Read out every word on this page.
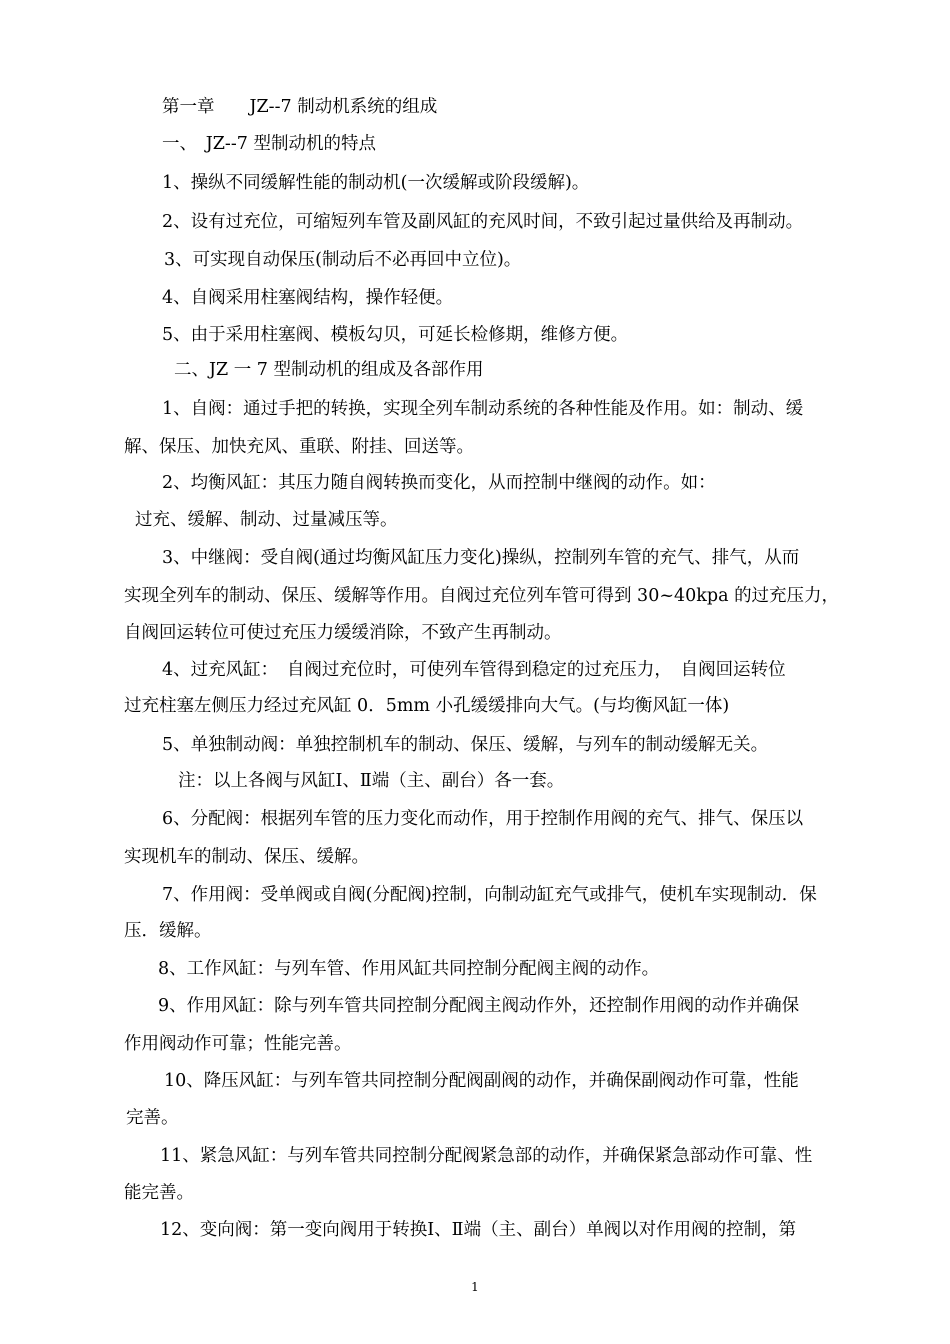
第一章　　JZ--7 制动机系统的组成
一、　JZ--7 型制动机的特点
1、操纵不同缓解性能的制动机(一次缓解或阶段缓解)。
2、设有过充位，可缩短列车管及副风缸的充风时间，不致引起过量供给及再制动。
3、可实现自动保压(制动后不必再回中立位)。
4、自阀采用柱塞阀结构，操作轻便。
5、由于采用柱塞阀、模板勾贝，可延长检修期，维修方便。
二、JZ 一 7 型制动机的组成及各部作用
1、自阀：通过手把的转换，实现全列车制动系统的各种性能及作用。如：制动、缓
解、保压、加快充风、重联、附挂、回送等。
2、均衡风缸：其压力随自阀转换而变化，从而控制中继阀的动作。如：
过充、缓解、制动、过量减压等。
3、中继阀：受自阀(通过均衡风缸压力变化)操纵，控制列车管的充气、排气，从而
实现全列车的制动、保压、缓解等作用。自阀过充位列车管可得到 30~40kpa 的过充压力，
自阀回运转位可使过充压力缓缓消除，不致产生再制动。
4、过充风缸：　自阀过充位时，可使列车管得到稳定的过充压力，　自阀回运转位
过充柱塞左侧压力经过充风缸 0．5mm 小孔缓缓排向大气。(与均衡风缸一体)
5、单独制动阀：单独控制机车的制动、保压、缓解，与列车的制动缓解无关。
注：以上各阀与风缸Ⅰ、Ⅱ端（主、副台）各一套。
6、分配阀：根据列车管的压力变化而动作，用于控制作用阀的充气、排气、保压以
实现机车的制动、保压、缓解。
7、作用阀：受单阀或自阀(分配阀)控制，向制动缸充气或排气，使机车实现制动．保
压．缓解。
8、工作风缸：与列车管、作用风缸共同控制分配阀主阀的动作。
9、作用风缸：除与列车管共同控制分配阀主阀动作外，还控制作用阀的动作并确保
作用阀动作可靠；性能完善。
10、降压风缸：与列车管共同控制分配阀副阀的动作，并确保副阀动作可靠，性能
完善。
11、紧急风缸：与列车管共同控制分配阀紧急部的动作，并确保紧急部动作可靠、性
能完善。
12、变向阀：第一变向阀用于转换Ⅰ、Ⅱ端（主、副台）单阀以对作用阀的控制，第
1
